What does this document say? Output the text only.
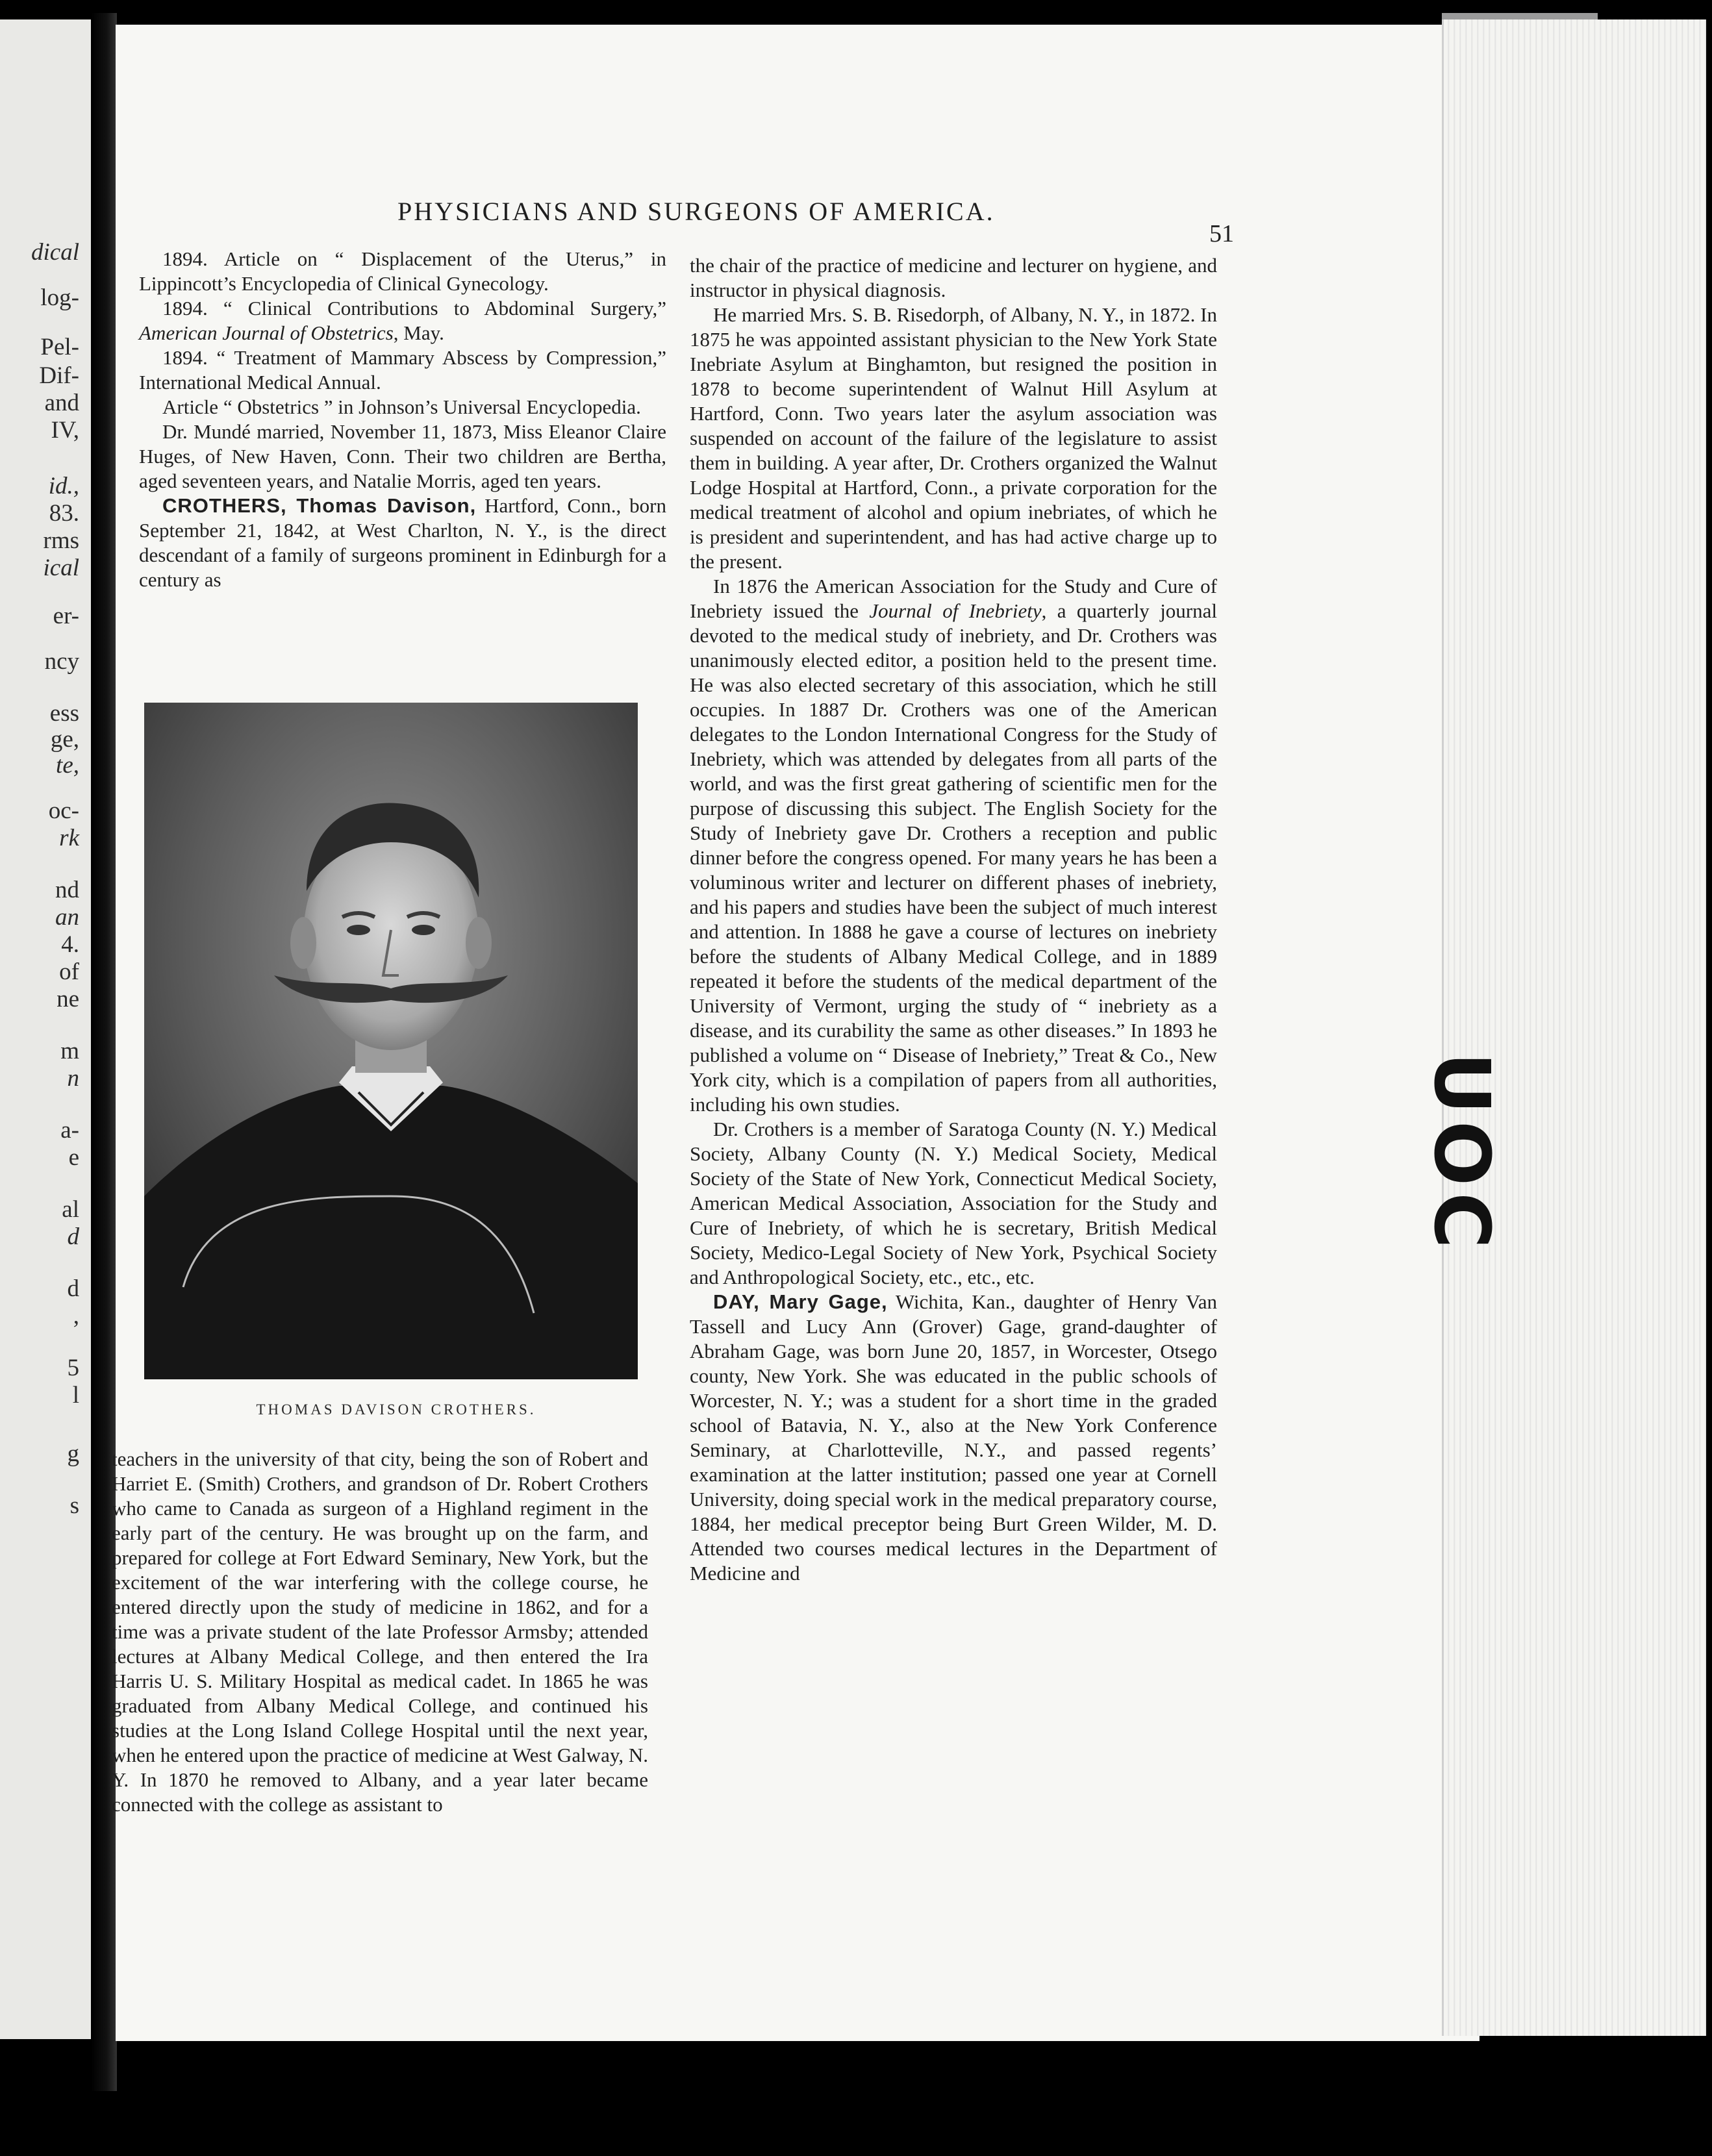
dical
log-
Pel-
Dif-
and
IV,
id.,
83.
rms
ical
er-
ncy
ess
ge,
te,
oc-
rk
nd
an
4.
of
ne
m
n
a-
e
al
d
d
,
5
l
g
s
UOC
PHYSICIANS AND SURGEONS OF AMERICA.
51

1894. Article on “ Displacement of the Uterus,” in Lippincott’s Encyclopedia of Clinical Gynecology.

1894. “ Clinical Contributions to Abdominal Surgery,” American Journal of Obstetrics, May.

1894. “ Treatment of Mammary Abscess by Compression,” International Medical Annual.

Article “ Obstetrics ” in Johnson’s Universal Encyclopedia.

Dr. Mundé married, November 11, 1873, Miss Eleanor Claire Huges, of New Haven, Conn. Their two children are Bertha, aged seventeen years, and Natalie Morris, aged ten years.

CROTHERS, Thomas Davison, Hartford, Conn., born September 21, 1842, at West Charlton, N. Y., is the direct descendant of a family of surgeons prominent in Edinburgh for a century as

THOMAS DAVISON CROTHERS.

teachers in the university of that city, being the son of Robert and Harriet E. (Smith) Crothers, and grandson of Dr. Robert Crothers who came to Canada as surgeon of a Highland regiment in the early part of the century. He was brought up on the farm, and prepared for college at Fort Edward Seminary, New York, but the excitement of the war interfering with the college course, he entered directly upon the study of medicine in 1862, and for a time was a private student of the late Professor Armsby; attended lectures at Albany Medical College, and then entered the Ira Harris U. S. Military Hospital as medical cadet. In 1865 he was graduated from Albany Medical College, and continued his studies at the Long Island College Hospital until the next year, when he entered upon the practice of medicine at West Galway, N. Y. In 1870 he removed to Albany, and a year later became connected with the college as assistant to

the chair of the practice of medicine and lecturer on hygiene, and instructor in physical diagnosis.

He married Mrs. S. B. Risedorph, of Albany, N. Y., in 1872. In 1875 he was appointed assistant physician to the New York State Inebriate Asylum at Binghamton, but resigned the position in 1878 to become superintendent of Walnut Hill Asylum at Hartford, Conn. Two years later the asylum association was suspended on account of the failure of the legislature to assist them in building. A year after, Dr. Crothers organized the Walnut Lodge Hospital at Hartford, Conn., a private corporation for the medical treatment of alcohol and opium inebriates, of which he is president and superintendent, and has had active charge up to the present.

In 1876 the American Association for the Study and Cure of Inebriety issued the Journal of Inebriety, a quarterly journal devoted to the medical study of inebriety, and Dr. Crothers was unanimously elected editor, a position held to the present time. He was also elected secretary of this association, which he still occupies. In 1887 Dr. Crothers was one of the American delegates to the London International Congress for the Study of Inebriety, which was attended by delegates from all parts of the world, and was the first great gathering of scientific men for the purpose of discussing this subject. The English Society for the Study of Inebriety gave Dr. Crothers a reception and public dinner before the congress opened. For many years he has been a voluminous writer and lecturer on different phases of inebriety, and his papers and studies have been the subject of much interest and attention. In 1888 he gave a course of lectures on inebriety before the students of Albany Medical College, and in 1889 repeated it before the students of the medical department of the University of Vermont, urging the study of “ inebriety as a disease, and its curability the same as other diseases.” In 1893 he published a volume on “ Disease of Inebriety,” Treat & Co., New York city, which is a compilation of papers from all authorities, including his own studies.

Dr. Crothers is a member of Saratoga County (N. Y.) Medical Society, Albany County (N. Y.) Medical Society, Medical Society of the State of New York, Connecticut Medical Society, American Medical Association, Association for the Study and Cure of Inebriety, of which he is secretary, British Medical Society, Medico-Legal Society of New York, Psychical Society and Anthropological Society, etc., etc., etc.

DAY, Mary Gage, Wichita, Kan., daughter of Henry Van Tassell and Lucy Ann (Grover) Gage, grand-daughter of Abraham Gage, was born June 20, 1857, in Worcester, Otsego county, New York. She was educated in the public schools of Worcester, N. Y.; was a student for a short time in the graded school of Batavia, N. Y., also at the New York Conference Seminary, at Charlotteville, N.Y., and passed regents’ examination at the latter institution; passed one year at Cornell University, doing special work in the medical preparatory course, 1884, her medical preceptor being Burt Green Wilder, M. D. Attended two courses medical lectures in the Department of Medicine and
